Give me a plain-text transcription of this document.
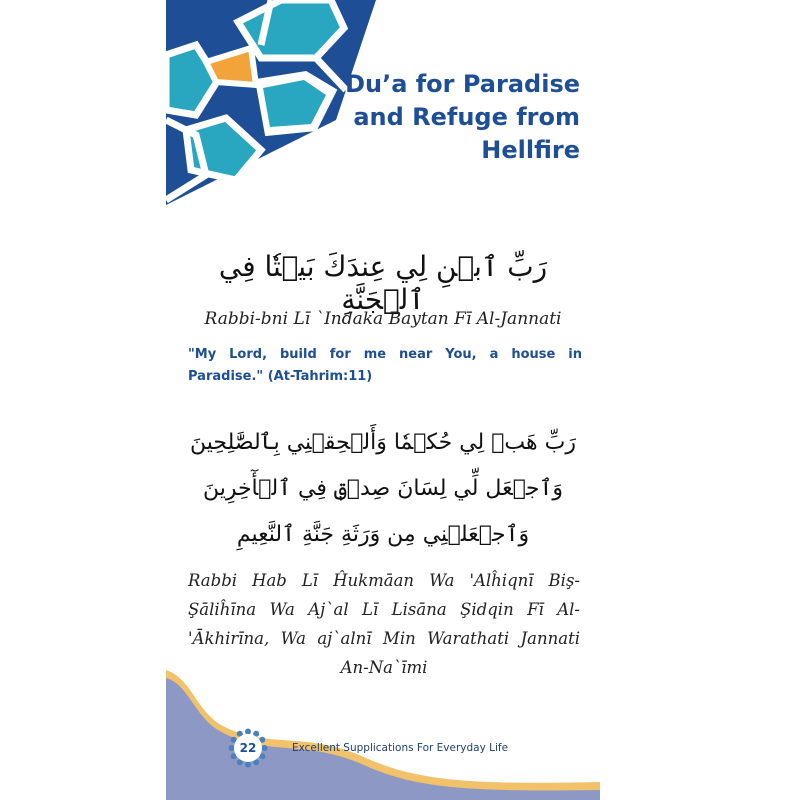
Du’a for Paradise
and Refuge from
Hellfire
رَبِّ ٱبۡنِ لِي عِندَكَ بَيۡتٗا فِي ٱلۡجَنَّةِ
Rabbi-bni Lī `Indaka Baytan Fī Al-Jannati
"My Lord, build for me near You, a house in Paradise." (At-Tahrim:11)
رَبِّ هَبۡ لِي حُكۡمٗا وَأَلۡحِقۡنِي بِٱلصَّٰلِحِينَ
وَٱجۡعَل لِّي لِسَانَ صِدۡقٖ فِي ٱلۡأٓخِرِينَ
وَٱجۡعَلۡنِي مِن وَرَثَةِ جَنَّةِ ٱلنَّعِيمِ
Rabbi Hab Lī Ĥukmāan Wa 'Alĥiqnī Biş-Şāliĥīna Wa Aj`al Lī Lisāna Şidqin Fī Al-'Ākhirīna, Wa aj`alnī Min Warathati Jannati An-Na`īmi
22	Excellent Supplications For Everyday Life
